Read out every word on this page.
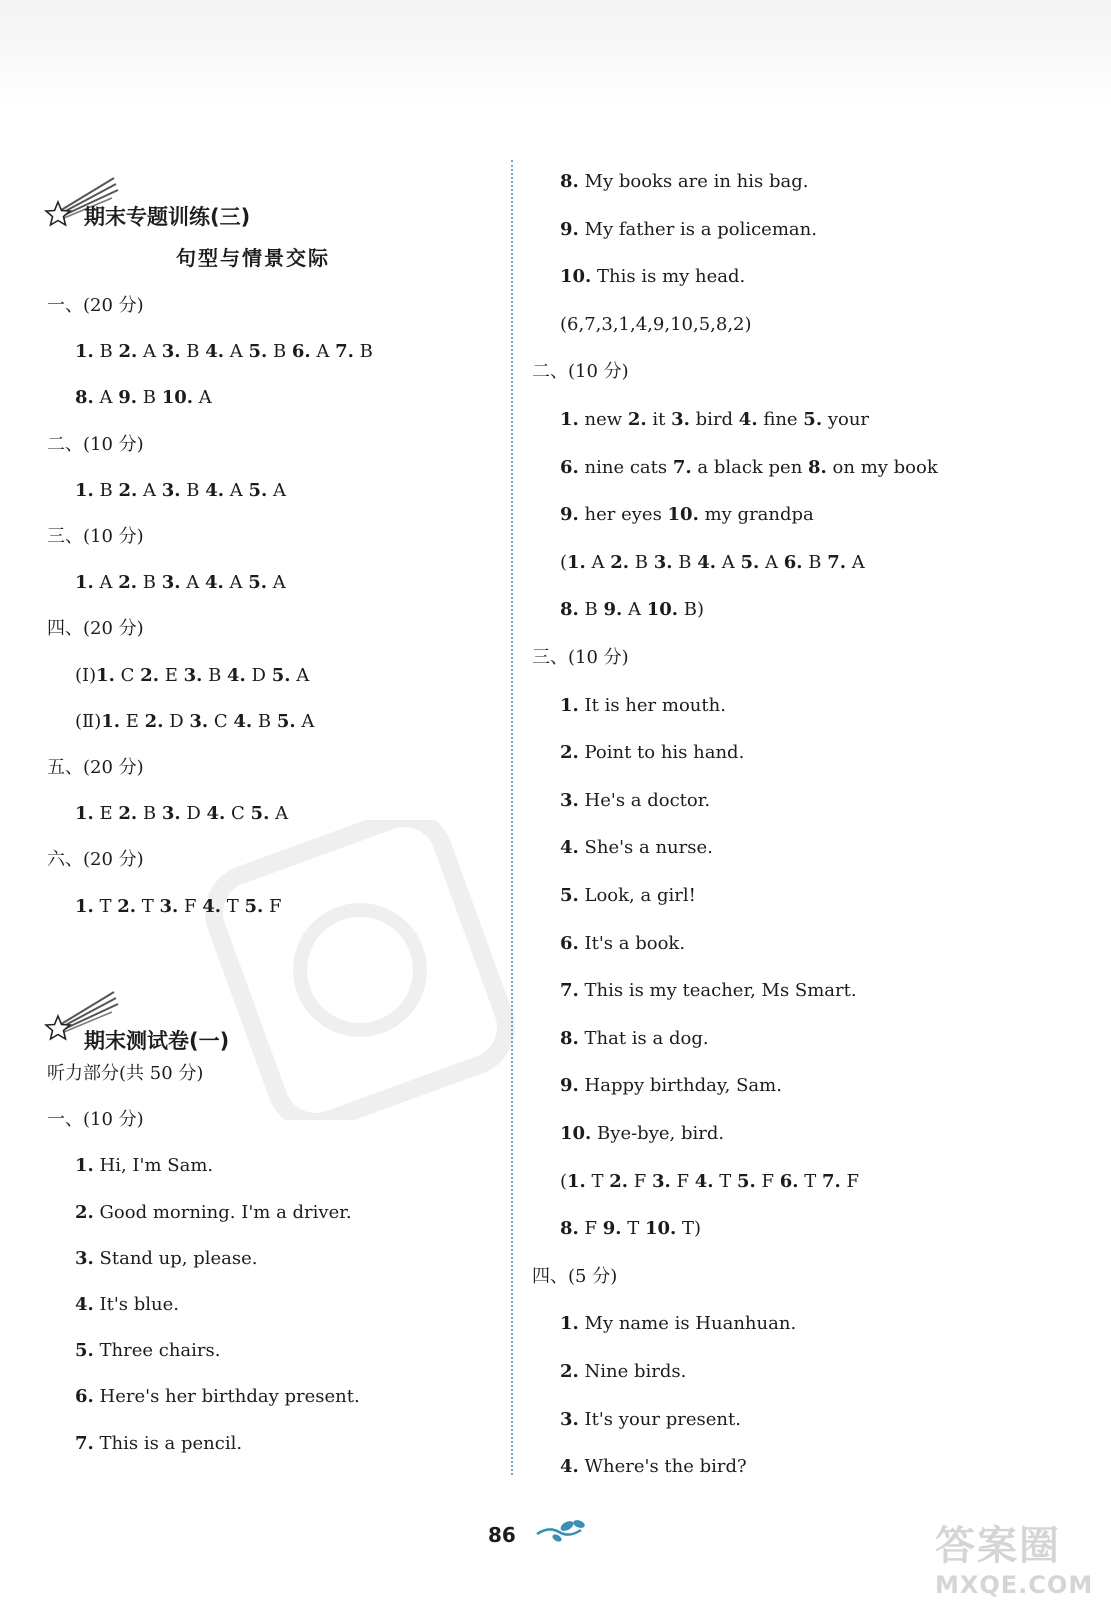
期末专题训练(三)
句型与情景交际
一、(20 分)
1. B 2. A 3. B 4. A 5. B 6. A 7. B
8. A 9. B 10. A
二、(10 分)
1. B 2. A 3. B 4. A 5. A
三、(10 分)
1. A 2. B 3. A 4. A 5. A
四、(20 分)
(Ⅰ)1. C 2. E 3. B 4. D 5. A
(Ⅱ)1. E 2. D 3. C 4. B 5. A
五、(20 分)
1. E 2. B 3. D 4. C 5. A
六、(20 分)
1. T 2. T 3. F 4. T 5. F
期末测试卷(一)
听力部分(共 50 分)
一、(10 分)
1. Hi, I'm Sam.
2. Good morning. I'm a driver.
3. Stand up, please.
4. It's blue.
5. Three chairs.
6. Here's her birthday present.
7. This is a pencil.
8. My books are in his bag.
9. My father is a policeman.
10. This is my head.
(6,7,3,1,4,9,10,5,8,2)
二、(10 分)
1. new 2. it 3. bird 4. fine 5. your
6. nine cats 7. a black pen 8. on my book
9. her eyes 10. my grandpa
(1. A 2. B 3. B 4. A 5. A 6. B 7. A
8. B 9. A 10. B)
三、(10 分)
1. It is her mouth.
2. Point to his hand.
3. He's a doctor.
4. She's a nurse.
5. Look, a girl!
6. It's a book.
7. This is my teacher, Ms Smart.
8. That is a dog.
9. Happy birthday, Sam.
10. Bye-bye, bird.
(1. T 2. F 3. F 4. T 5. F 6. T 7. F
8. F 9. T 10. T)
四、(5 分)
1. My name is Huanhuan.
2. Nine birds.
3. It's your present.
4. Where's the bird?
86	答案圈
MXQE.COM
